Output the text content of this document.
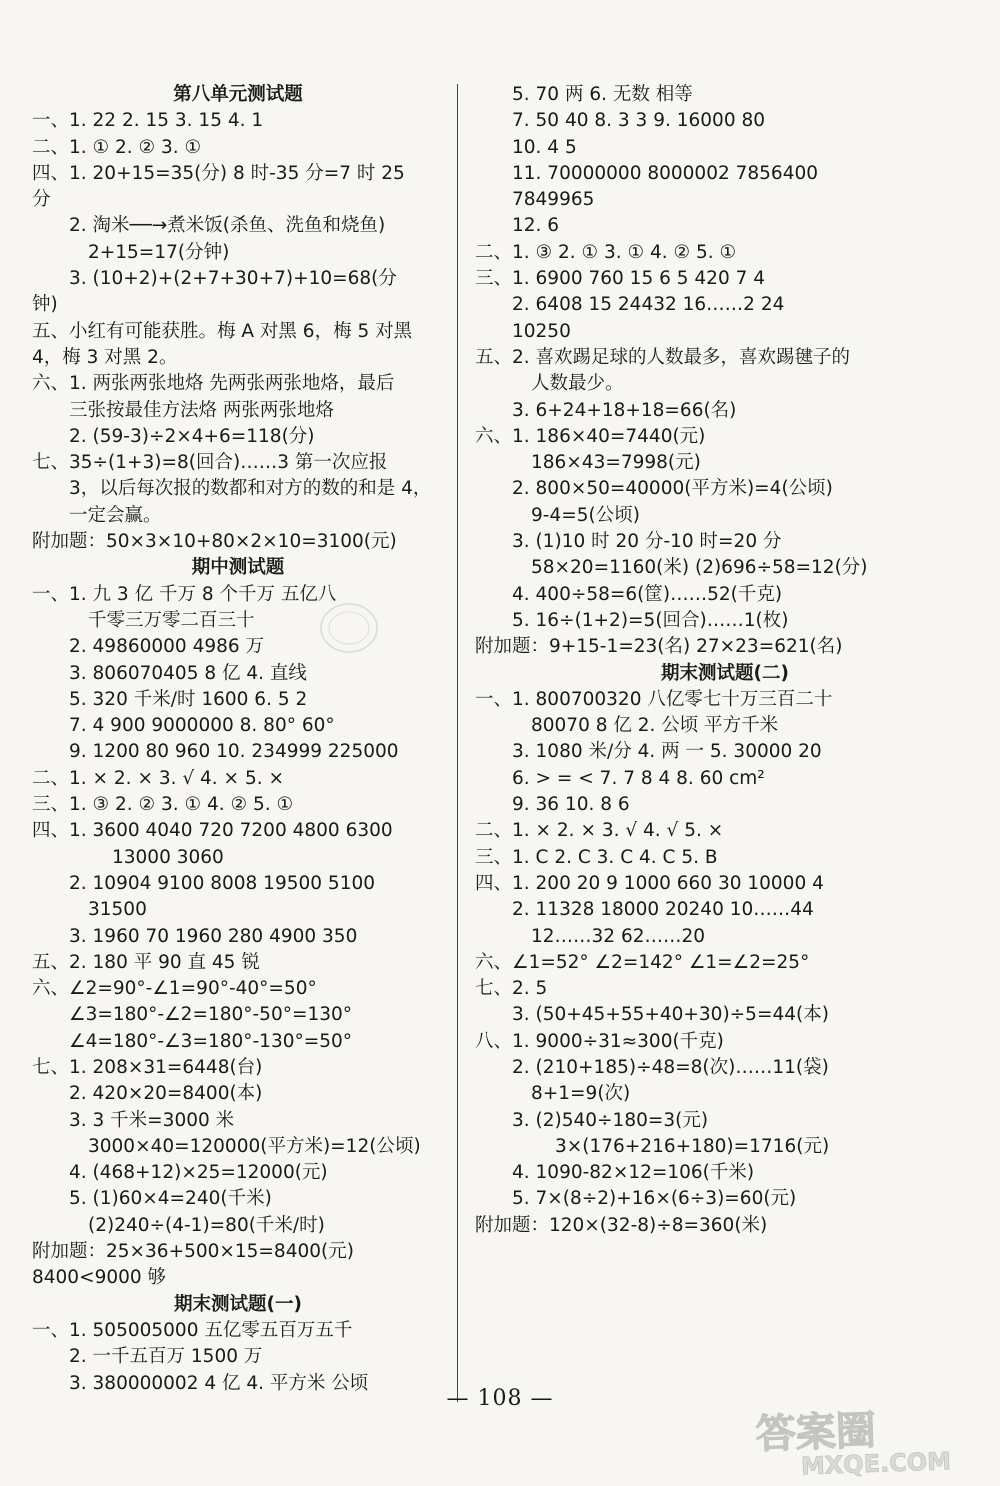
第八单元测试题
一、1. 22 2. 15 3. 15 4. 1
二、1. ① 2. ② 3. ①
四、1. 20+15=35(分) 8 时-35 分=7 时 25
分
2. 淘米──→煮米饭(杀鱼、洗鱼和烧鱼)
2+15=17(分钟)
3. (10+2)+(2+7+30+7)+10=68(分
钟)
五、小红有可能获胜。梅 A 对黑 6，梅 5 对黑
4，梅 3 对黑 2。
六、1. 两张两张地烙 先两张两张地烙，最后
三张按最佳方法烙 两张两张地烙
2. (59-3)÷2×4+6=118(分)
七、35÷(1+3)=8(回合)……3 第一次应报
3，以后每次报的数都和对方的数的和是 4，
一定会赢。
附加题：50×3×10+80×2×10=3100(元)
期中测试题
一、1. 九 3 亿 千万 8 个千万 五亿八
千零三万零二百三十
2. 49860000 4986 万
3. 806070405 8 亿 4. 直线
5. 320 千米/时 1600 6. 5 2
7. 4 900 9000000 8. 80° 60°
9. 1200 80 960 10. 234999 225000
二、1. × 2. × 3. √ 4. × 5. ×
三、1. ③ 2. ② 3. ① 4. ② 5. ①
四、1. 3600 4040 720 7200 4800 6300
13000 3060
2. 10904 9100 8008 19500 5100
31500
3. 1960 70 1960 280 4900 350
五、2. 180 平 90 直 45 锐
六、∠2=90°-∠1=90°-40°=50°
∠3=180°-∠2=180°-50°=130°
∠4=180°-∠3=180°-130°=50°
七、1. 208×31=6448(台)
2. 420×20=8400(本)
3. 3 千米=3000 米
3000×40=120000(平方米)=12(公顷)
4. (468+12)×25=12000(元)
5. (1)60×4=240(千米)
(2)240÷(4-1)=80(千米/时)
附加题：25×36+500×15=8400(元)
8400<9000 够
期末测试题(一)
一、1. 505005000 五亿零五百万五千
2. 一千五百万 1500 万
3. 380000002 4 亿 4. 平方米 公顷
5. 70 两 6. 无数 相等
7. 50 40 8. 3 3 9. 16000 80
10. 4 5
11. 70000000 8000002 7856400
7849965
12. 6
二、1. ③ 2. ① 3. ① 4. ② 5. ①
三、1. 6900 760 15 6 5 420 7 4
2. 6408 15 24432 16……2 24
10250
五、2. 喜欢踢足球的人数最多，喜欢踢毽子的
人数最少。
3. 6+24+18+18=66(名)
六、1. 186×40=7440(元)
186×43=7998(元)
2. 800×50=40000(平方米)=4(公顷)
9-4=5(公顷)
3. (1)10 时 20 分-10 时=20 分
58×20=1160(米) (2)696÷58=12(分)
4. 400÷58=6(筐)……52(千克)
5. 16÷(1+2)=5(回合)……1(枚)
附加题：9+15-1=23(名) 27×23=621(名)
期末测试题(二)
一、1. 800700320 八亿零七十万三百二十
80070 8 亿 2. 公顷 平方千米
3. 1080 米/分 4. 两 一 5. 30000 20
6. > = < 7. 7 8 4 8. 60 cm²
9. 36 10. 8 6
二、1. × 2. × 3. √ 4. √ 5. ×
三、1. C 2. C 3. C 4. C 5. B
四、1. 200 20 9 1000 660 30 10000 4
2. 11328 18000 20240 10……44
12……32 62……20
六、∠1=52° ∠2=142° ∠1=∠2=25°
七、2. 5
3. (50+45+55+40+30)÷5=44(本)
八、1. 9000÷31≈300(千克)
2. (210+185)÷48=8(次)……11(袋)
8+1=9(次)
3. (2)540÷180=3(元)
3×(176+216+180)=1716(元)
4. 1090-82×12=106(千米)
5. 7×(8÷2)+16×(6÷3)=60(元)
附加题：120×(32-8)÷8=360(米)
— 108 —
答案圈
MXQE.COM
